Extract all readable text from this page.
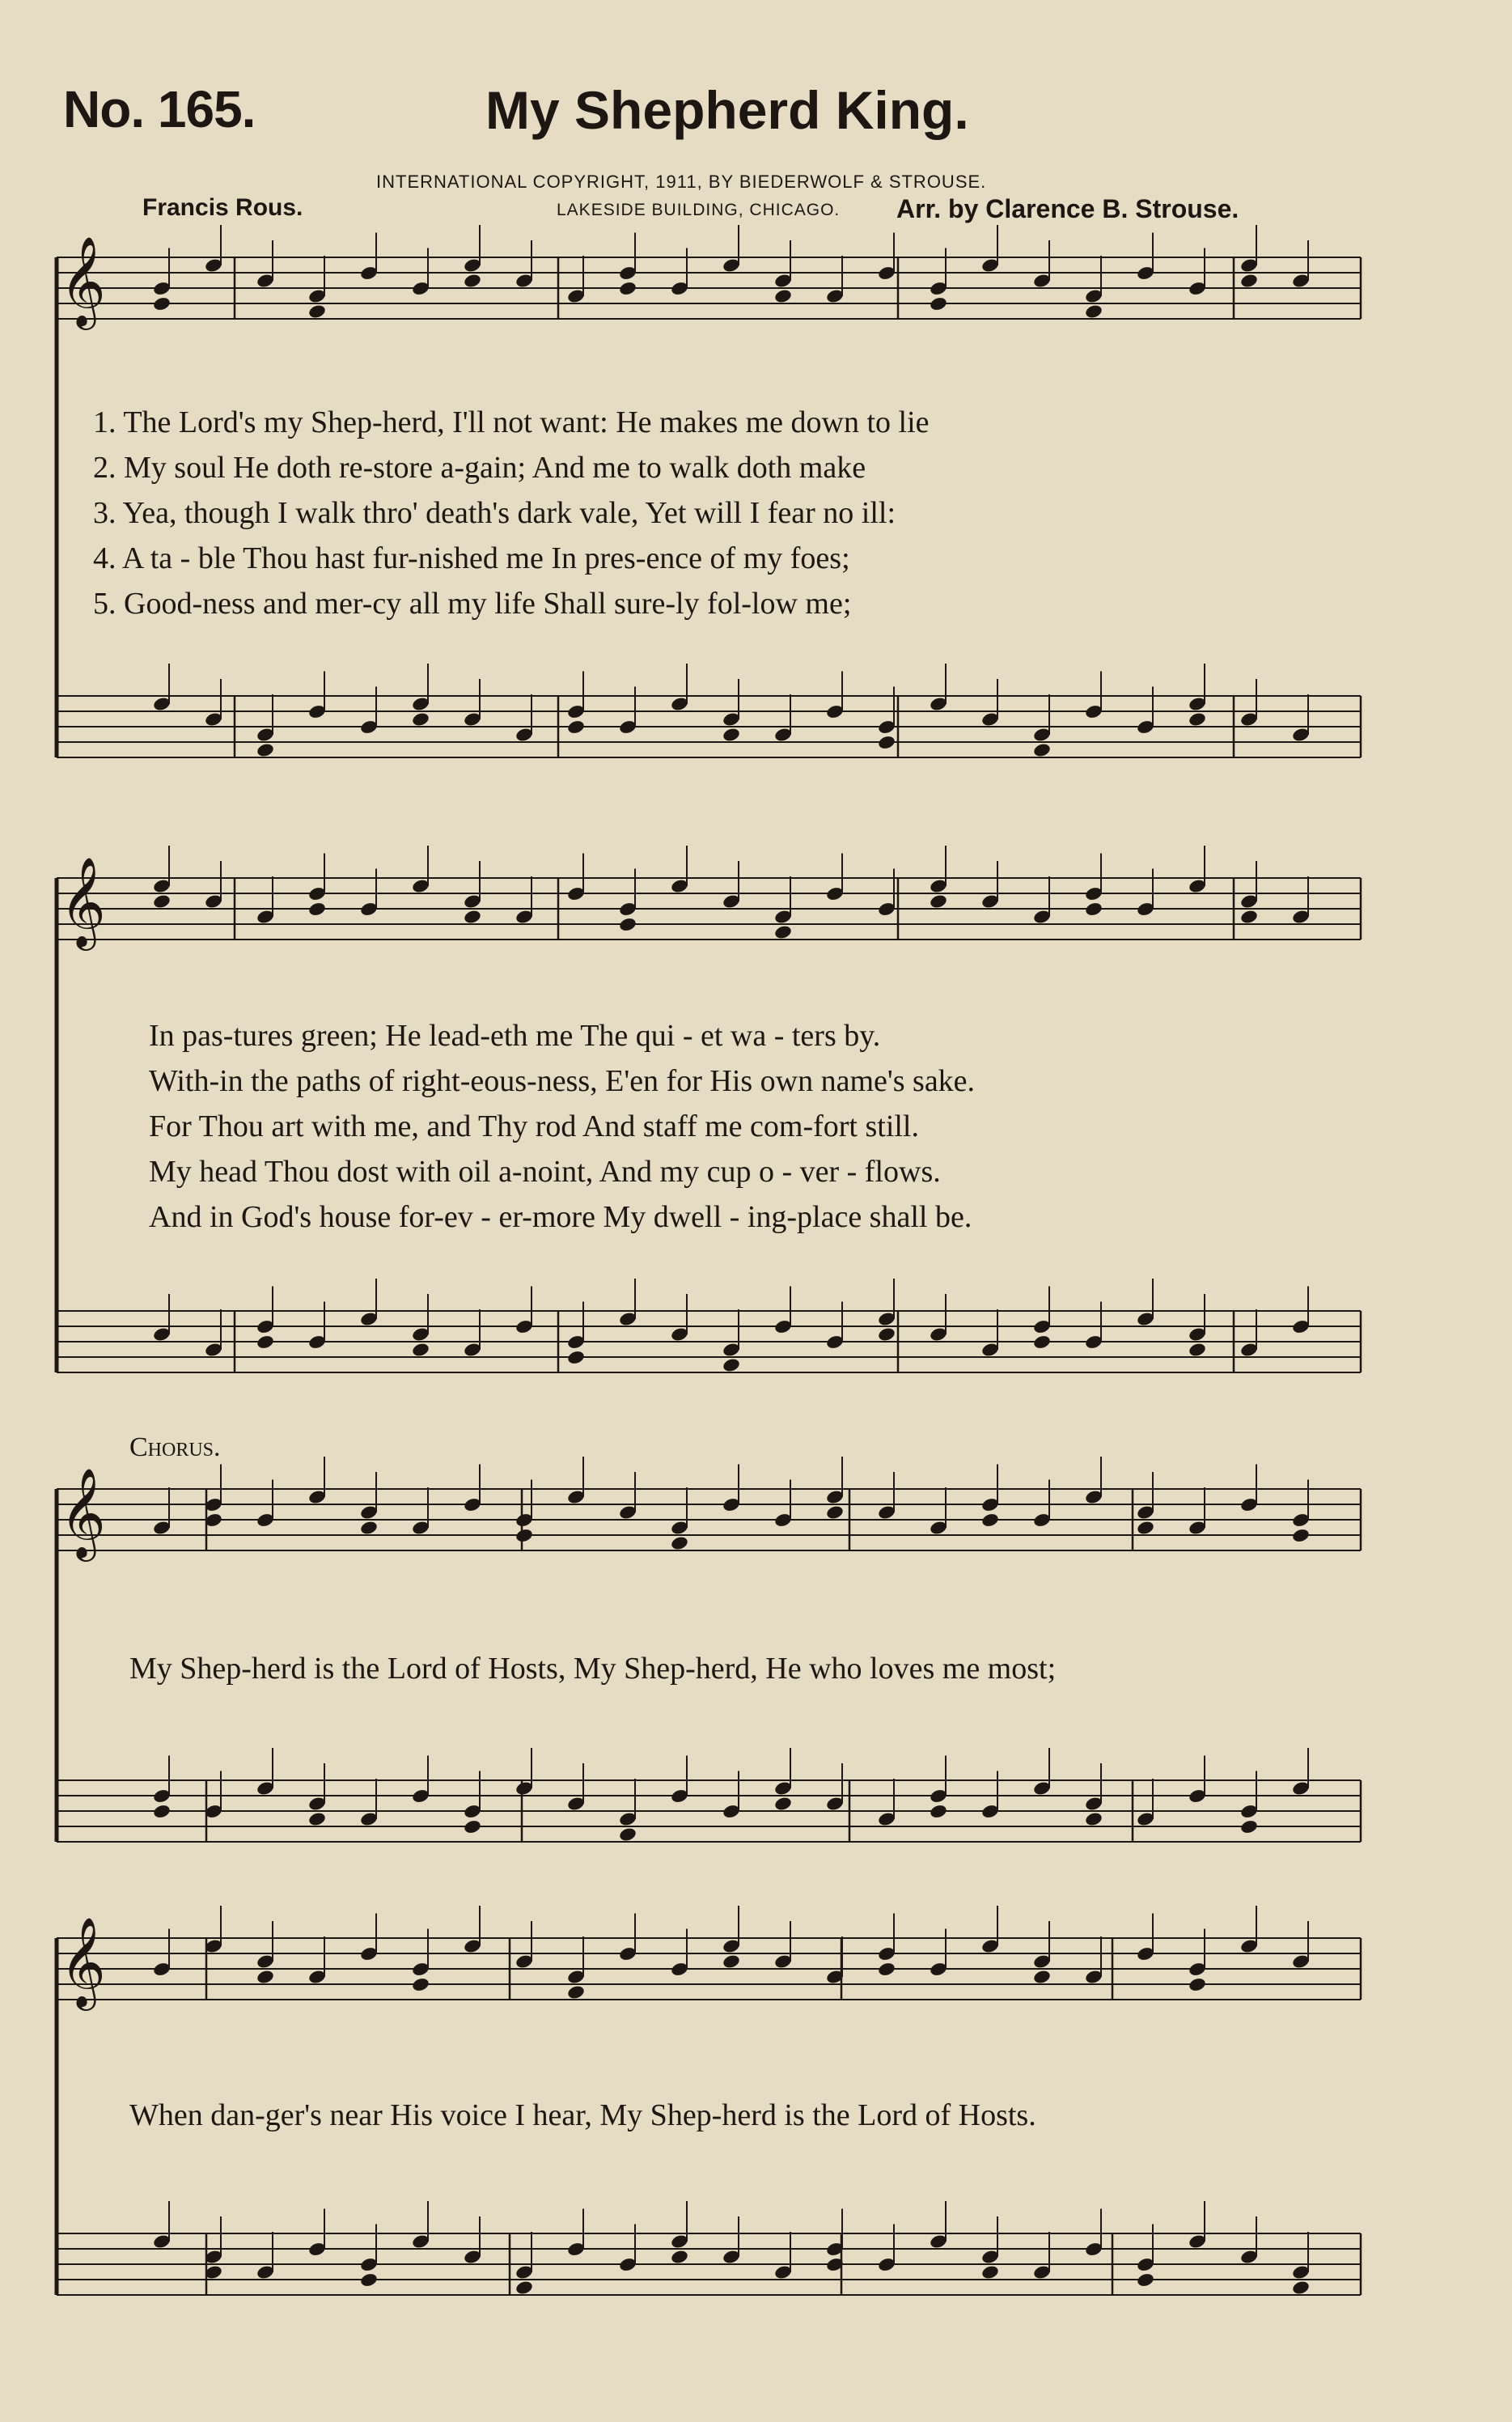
No. 165.	My Shepherd King.
INTERNATIONAL COPYRIGHT, 1911, BY BIEDERWOLF & STROUSE.
Francis Rous.	LAKESIDE BUILDING, CHICAGO. Arr. by Clarence B. Strouse.
𝄞
𝄞
𝄞
𝄞
1. The Lord's my Shep-herd, I'll not want: He makes me down to lie
2. My soul He doth re-store a-gain; And me to walk doth make
3. Yea, though I walk thro' death's dark vale, Yet will I fear no ill:
4. A ta - ble Thou hast fur-nished me In pres-ence of my foes;
5. Good-ness and mer-cy all my life Shall sure-ly fol-low me;
In pas-tures green; He lead-eth me The qui - et wa - ters by.
With-in the paths of right-eous-ness, E'en for His own name's sake.
For Thou art with me, and Thy rod And staff me com-fort still.
My head Thou dost with oil a-noint, And my cup o - ver - flows.
And in God's house for-ev - er-more My dwell - ing-place shall be.
Chorus.
My Shep-herd is the Lord of Hosts, My Shep-herd, He who loves me most;
When dan-ger's near His voice I hear, My Shep-herd is the Lord of Hosts.
